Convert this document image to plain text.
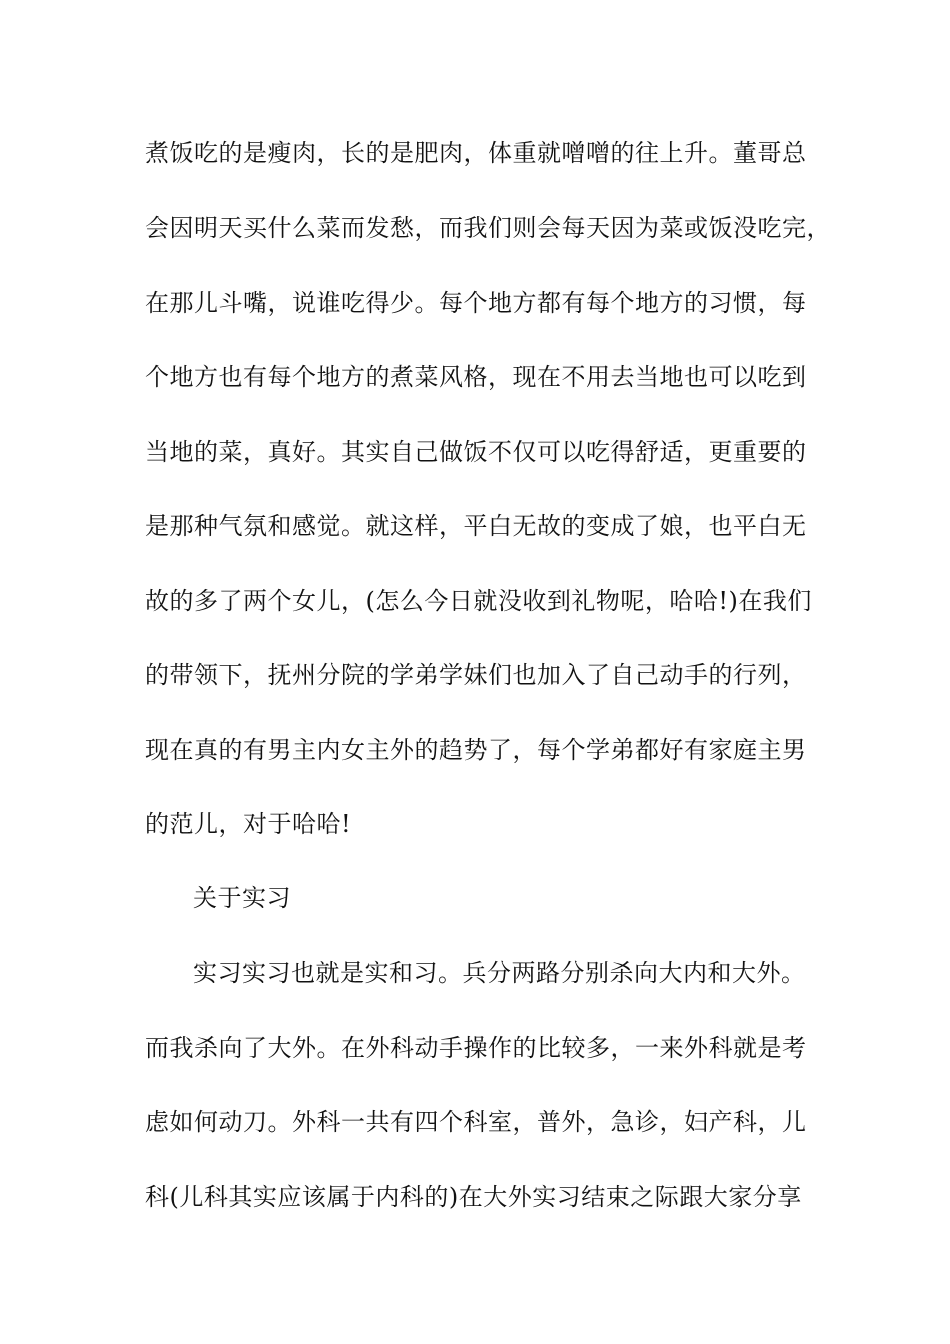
煮饭吃的是瘦肉，长的是肥肉，体重就噌噌的往上升。董哥总
会因明天买什么菜而发愁，而我们则会每天因为菜或饭没吃完，
在那儿斗嘴，说谁吃得少。每个地方都有每个地方的习惯，每
个地方也有每个地方的煮菜风格，现在不用去当地也可以吃到
当地的菜，真好。其实自己做饭不仅可以吃得舒适，更重要的
是那种气氛和感觉。就这样，平白无故的变成了娘，也平白无
故的多了两个女儿，(怎么今日就没收到礼物呢，哈哈!)在我们
的带领下，抚州分院的学弟学妹们也加入了自己动手的行列，
现在真的有男主内女主外的趋势了，每个学弟都好有家庭主男
的范儿，对于哈哈!
关于实习
实习实习也就是实和习。兵分两路分别杀向大内和大外。
而我杀向了大外。在外科动手操作的比较多，一来外科就是考
虑如何动刀。外科一共有四个科室，普外，急诊，妇产科，儿
科(儿科其实应该属于内科的)在大外实习结束之际跟大家分享
